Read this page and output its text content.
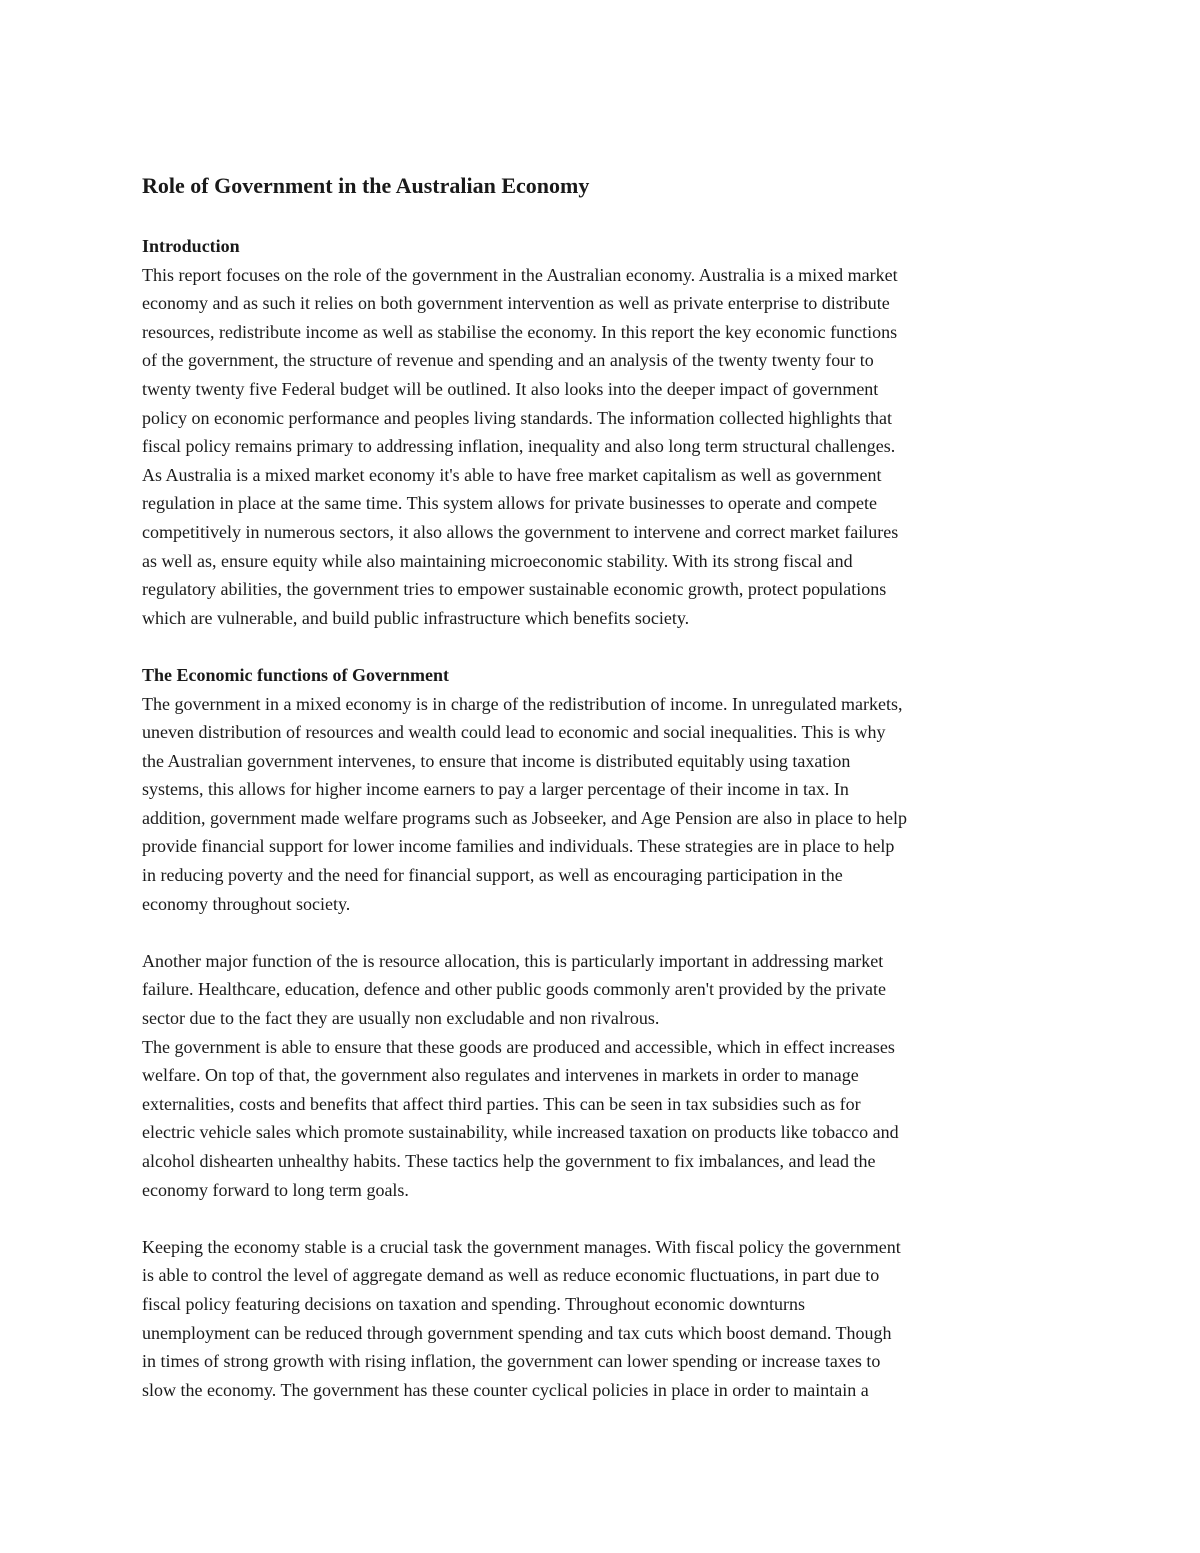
Role of Government in the Australian Economy
Introduction
This report focuses on the role of the government in the Australian economy. Australia is a mixed market
economy and as such it relies on both government intervention as well as private enterprise to distribute
resources, redistribute income as well as stabilise the economy. In this report the key economic functions
of the government, the structure of revenue and spending and an analysis of the twenty twenty four to
twenty twenty five Federal budget will be outlined. It also looks into the deeper impact of government
policy on economic performance and peoples living standards. The information collected highlights that
fiscal policy remains primary to addressing inflation, inequality and also long term structural challenges.
As Australia is a mixed market economy it's able to have free market capitalism as well as government
regulation in place at the same time. This system allows for private businesses to operate and compete
competitively in numerous sectors, it also allows the government to intervene and correct market failures
as well as, ensure equity while also maintaining microeconomic stability. With its strong fiscal and
regulatory abilities, the government tries to empower sustainable economic growth, protect populations
which are vulnerable, and build public infrastructure which benefits society.
The Economic functions of Government
The government in a mixed economy is in charge of the redistribution of income. In unregulated markets,
uneven distribution of resources and wealth could lead to economic and social inequalities. This is why
the Australian government intervenes, to ensure that income is distributed equitably using taxation
systems, this allows for higher income earners to pay a larger percentage of their income in tax. In
addition, government made welfare programs such as Jobseeker, and Age Pension are also in place to help
provide financial support for lower income families and individuals. These strategies are in place to help
in reducing poverty and the need for financial support, as well as encouraging participation in the
economy throughout society.
Another major function of the is resource allocation, this is particularly important in addressing market
failure. Healthcare, education, defence and other public goods commonly aren't provided by the private
sector due to the fact they are usually non excludable and non rivalrous.
The government is able to ensure that these goods are produced and accessible, which in effect increases
welfare. On top of that, the government also regulates and intervenes in markets in order to manage
externalities, costs and benefits that affect third parties. This can be seen in tax subsidies such as for
electric vehicle sales which promote sustainability, while increased taxation on products like tobacco and
alcohol dishearten unhealthy habits. These tactics help the government to fix imbalances, and lead the
economy forward to long term goals.
Keeping the economy stable is a crucial task the government manages. With fiscal policy the government
is able to control the level of aggregate demand as well as reduce economic fluctuations, in part due to
fiscal policy featuring decisions on taxation and spending. Throughout economic downturns
unemployment can be reduced through government spending and tax cuts which boost demand. Though
in times of strong growth with rising inflation, the government can lower spending or increase taxes to
slow the economy. The government has these counter cyclical policies in place in order to maintain a
